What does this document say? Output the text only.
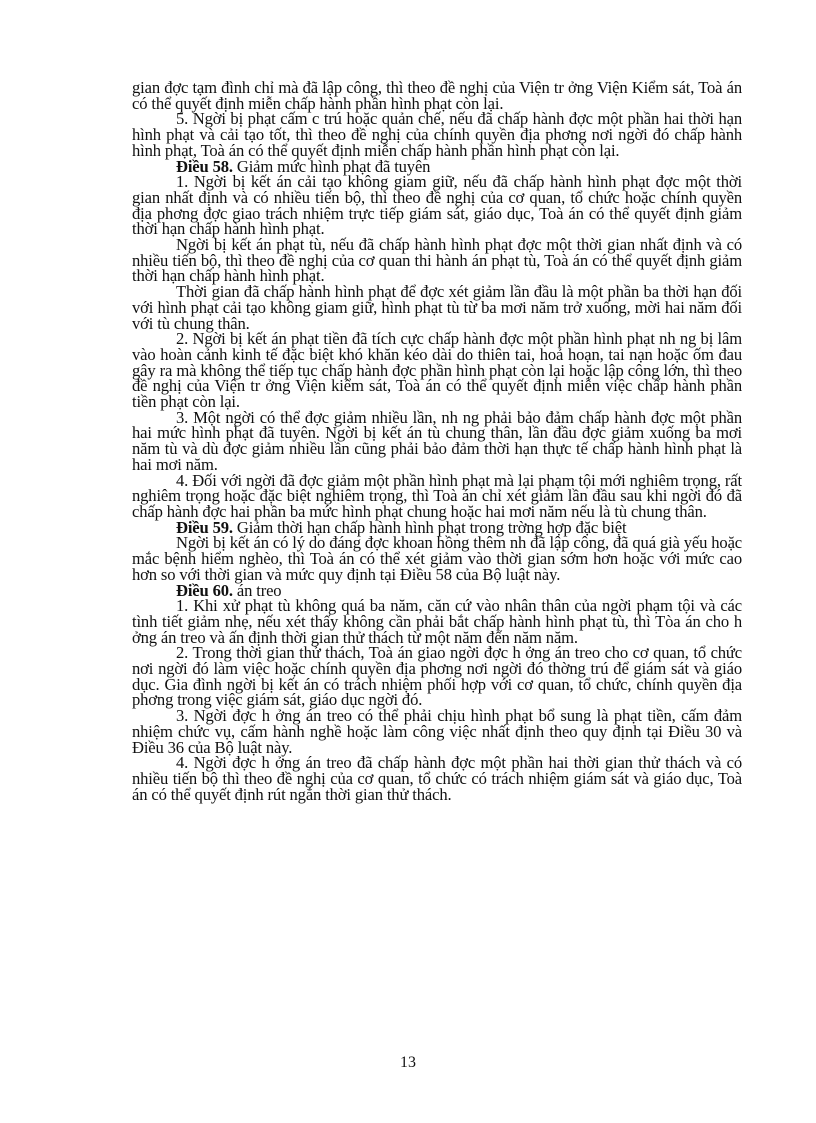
gian đợc tạm đình chỉ mà đã lập công, thì theo đề nghị của Viện tr ởng Viện Kiểm sát, Toà án có thể quyết định miễn chấp hành phần hình phạt còn lại.

5. Ngời bị phạt cấm c trú hoặc quản chế, nếu đã chấp hành đợc một phần hai thời hạn hình phạt và cải tạo tốt, thì theo đề nghị của chính quyền địa phơng nơi ngời đó chấp hành hình phạt, Toà án có thể quyết định miễn chấp hành phần hình phạt còn lại.

Điều 58. Giảm mức hình phạt đã tuyên

1. Ngời bị kết án cải tạo không giam giữ, nếu đã chấp hành hình phạt đợc một thời gian nhất định và có nhiều tiến bộ, thì theo đề nghị của cơ quan, tổ chức hoặc chính quyền địa phơng đợc giao trách nhiệm trực tiếp giám sát, giáo dục, Toà án có thể quyết định giảm thời hạn chấp hành hình phạt.

Ngời bị kết án phạt tù, nếu đã chấp hành hình phạt đợc một thời gian nhất định và có nhiều tiến bộ, thì theo đề nghị của cơ quan thi hành án phạt tù, Toà án có thể quyết định giảm thời hạn chấp hành hình phạt.

Thời gian đã chấp hành hình phạt để đợc xét giảm lần đầu là một phần ba thời hạn đối với hình phạt cải tạo không giam giữ, hình phạt tù từ ba mơi năm trở xuống, mời hai năm đối với tù chung thân.

2. Ngời bị kết án phạt tiền đã tích cực chấp hành đợc một phần hình phạt nh ng bị lâm vào hoàn cảnh kinh tế đặc biệt khó khăn kéo dài do thiên tai, hoả hoạn, tai nạn hoặc ốm đau gây ra mà không thể tiếp tục chấp hành đợc phần hình phạt còn lại hoặc lập công lớn, thì theo đề nghị của Viện tr ởng Viện kiểm sát, Toà án có thể quyết định miễn việc chấp hành phần tiền phạt còn lại.

3. Một ngời có thể đợc giảm nhiều lần, nh ng phải bảo đảm chấp hành đợc một phần hai mức hình phạt đã tuyên. Ngời bị kết án tù chung thân, lần đầu đợc giảm xuống ba mơi năm tù và dù đợc giảm nhiều lần cũng phải bảo đảm thời hạn thực tế chấp hành hình phạt là hai mơi năm.

4. Đối với ngời đã đợc giảm một phần hình phạt mà lại phạm tội mới nghiêm trọng, rất nghiêm trọng hoặc đặc biệt nghiêm trọng, thì Toà án chỉ xét giảm lần đầu sau khi ngời đó đã chấp hành đợc hai phần ba mức hình phạt chung hoặc hai mơi năm nếu là tù chung thân.

Điều 59. Giảm thời hạn chấp hành hình phạt trong trờng hợp đặc biệt

Ngời bị kết án có lý do đáng đợc khoan hồng thêm nh đã lập công, đã quá già yếu hoặc mắc bệnh hiểm nghèo, thì Toà án có thể xét giảm vào thời gian sớm hơn hoặc với mức cao hơn so với thời gian và mức quy định tại Điều 58 của Bộ luật này.

Điều 60. án treo

1. Khi xử phạt tù không quá ba năm, căn cứ vào nhân thân của ngời phạm tội và các tình tiết giảm nhẹ, nếu xét thấy không cần phải bắt chấp hành hình phạt tù, thì Tòa án cho h ởng án treo và ấn định thời gian thử thách từ một năm đến năm năm.

2. Trong thời gian thử thách, Toà án giao ngời đợc h ởng án treo cho cơ quan, tổ chức nơi ngời đó làm việc hoặc chính quyền địa phơng nơi ngời đó thờng trú để giám sát và giáo dục. Gia đình ngời bị kết án có trách nhiệm phối hợp với cơ quan, tổ chức, chính quyền địa phơng trong việc giám sát, giáo dục ngời đó.

3. Ngời đợc h ởng án treo có thể phải chịu hình phạt bổ sung là phạt tiền, cấm đảm nhiệm chức vụ, cấm hành nghề hoặc làm công việc nhất định theo quy định tại Điều 30 và Điều 36 của Bộ luật này.

4. Ngời đợc h ởng án treo đã chấp hành đợc một phần hai thời gian thử thách và có nhiều tiến bộ thì theo đề nghị của cơ quan, tổ chức có trách nhiệm giám sát và giáo dục, Toà án có thể quyết định rút ngắn thời gian thử thách.

13
